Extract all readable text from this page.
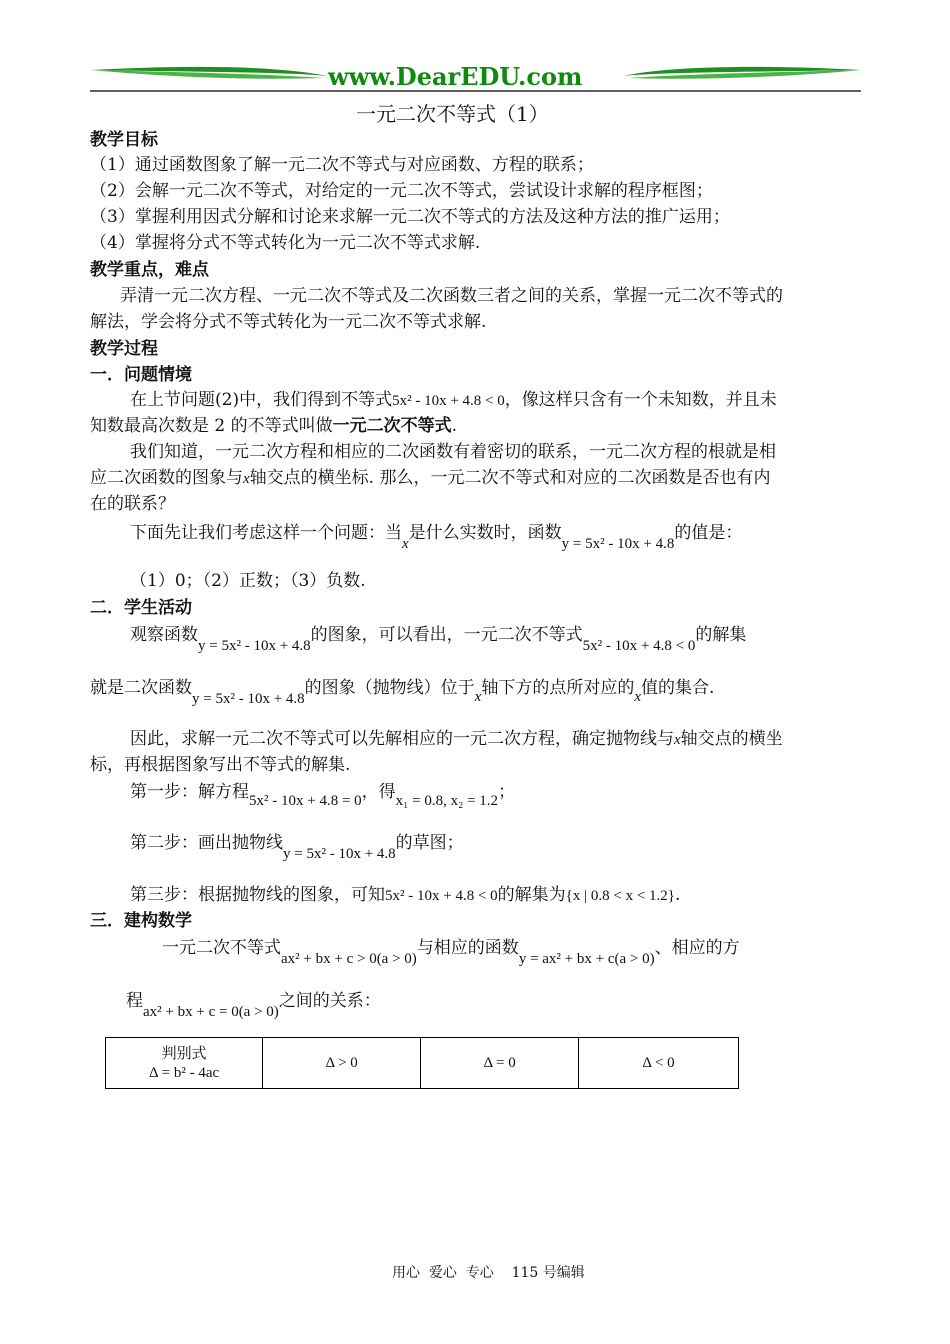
www.DearEDU.com
一元二次不等式（1）
教学目标
（1）通过函数图象了解一元二次不等式与对应函数、方程的联系；
（2）会解一元二次不等式，对给定的一元二次不等式，尝试设计求解的程序框图；
（3）掌握利用因式分解和讨论来求解一元二次不等式的方法及这种方法的推广运用；
（4）掌握将分式不等式转化为一元二次不等式求解.
教学重点，难点
弄清一元二次方程、一元二次不等式及二次函数三者之间的关系，掌握一元二次不等式的
解法，学会将分式不等式转化为一元二次不等式求解.
教学过程
一．问题情境
在上节问题(2)中，我们得到不等式5x² - 10x + 4.8 < 0，像这样只含有一个未知数，并且未
知数最高次数是 2 的不等式叫做一元二次不等式.
我们知道，一元二次方程和相应的二次函数有着密切的联系，一元二次方程的根就是相
应二次函数的图象与x轴交点的横坐标. 那么，一元二次不等式和对应的二次函数是否也有内
在的联系？
下面先让我们考虑这样一个问题：当x是什么实数时，函数y = 5x² - 10x + 4.8的值是：
（1）0；（2）正数；（3）负数.
二．学生活动
观察函数y = 5x² - 10x + 4.8的图象，可以看出，一元二次不等式5x² - 10x + 4.8 < 0的解集
就是二次函数y = 5x² - 10x + 4.8的图象（抛物线）位于x轴下方的点所对应的x值的集合.
因此，求解一元二次不等式可以先解相应的一元二次方程，确定抛物线与x轴交点的横坐
标，再根据图象写出不等式的解集.
第一步：解方程5x² - 10x + 4.8 = 0，得x₁ = 0.8, x₂ = 1.2；
第二步：画出抛物线y = 5x² - 10x + 4.8的草图；
第三步：根据抛物线的图象，可知5x² - 10x + 4.8 < 0的解集为{x | 0.8 < x < 1.2}.
三．建构数学
一元二次不等式ax² + bx + c > 0(a > 0)与相应的函数y = ax² + bx + c(a > 0)、相应的方
程ax² + bx + c = 0(a > 0)之间的关系：
判别式
Δ = b² - 4ac
	Δ > 0	Δ = 0	Δ < 0
用心  爱心  专心    115 号编辑
